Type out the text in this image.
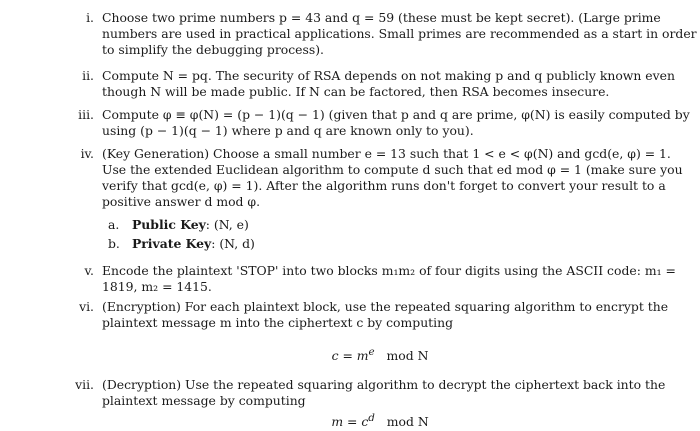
i. Choose two prime numbers p = 43 and q = 59 (these must be kept secret). (Large prime
numbers are used in practical applications. Small primes are recommended as a start in order
to simplify the debugging process).
ii. Compute N = pq. The security of RSA depends on not making p and q publicly known even
though N will be made public. If N can be factored, then RSA becomes insecure.
iii. Compute φ ≡ φ(N) = (p − 1)(q − 1) (given that p and q are prime, φ(N) is easily computed by
using (p − 1)(q − 1) where p and q are known only to you).
iv. (Key Generation) Choose a small number e = 13 such that 1 < e < φ(N) and gcd(e, φ) = 1.
Use the extended Euclidean algorithm to compute d such that ed mod φ = 1 (make sure you
verify that gcd(e, φ) = 1). After the algorithm runs don't forget to convert your result to a
positive answer d mod φ.
a. Public Key: (N, e)
b. Private Key: (N, d)
v. Encode the plaintext 'STOP' into two blocks m₁m₂ of four digits using the ASCII code: m₁ =
1819, m₂ = 1415.
vi. (Encryption) For each plaintext block, use the repeated squaring algorithm to encrypt the
plaintext message m into the ciphertext c by computing
$c = m^e$ mod N
vii. (Decryption) Use the repeated squaring algorithm to decrypt the ciphertext back into the
plaintext message by computing
$m = c^d$ mod N
